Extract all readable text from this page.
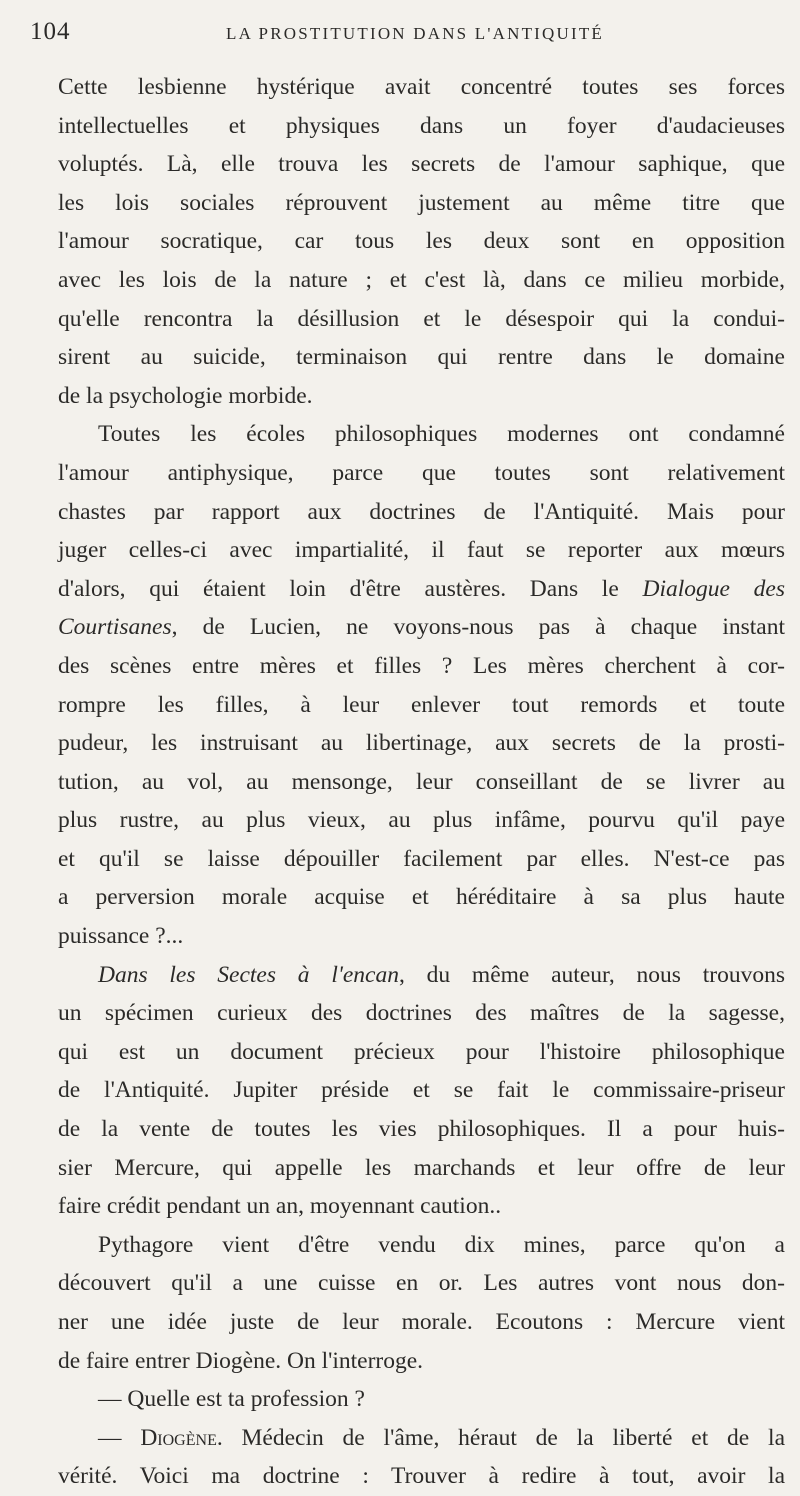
104	LA PROSTITUTION DANS L'ANTIQUITÉ
Cette lesbienne hystérique avait concentré toutes ses forces
intellectuelles et physiques dans un foyer d'audacieuses
voluptés. Là, elle trouva les secrets de l'amour saphique, que
les lois sociales réprouvent justement au même titre que
l'amour socratique, car tous les deux sont en opposition
avec les lois de la nature ; et c'est là, dans ce milieu morbide,
qu'elle rencontra la désillusion et le désespoir qui la condui-
sirent au suicide, terminaison qui rentre dans le domaine
de la psychologie morbide.
Toutes les écoles philosophiques modernes ont condamné
l'amour antiphysique, parce que toutes sont relativement
chastes par rapport aux doctrines de l'Antiquité. Mais pour
juger celles-ci avec impartialité, il faut se reporter aux mœurs
d'alors, qui étaient loin d'être austères. Dans le Dialogue des
Courtisanes, de Lucien, ne voyons-nous pas à chaque instant
des scènes entre mères et filles ? Les mères cherchent à cor-
rompre les filles, à leur enlever tout remords et toute
pudeur, les instruisant au libertinage, aux secrets de la prosti-
tution, au vol, au mensonge, leur conseillant de se livrer au
plus rustre, au plus vieux, au plus infâme, pourvu qu'il paye
et qu'il se laisse dépouiller facilement par elles. N'est-ce pas
a perversion morale acquise et héréditaire à sa plus haute
puissance ?...
Dans les Sectes à l'encan, du même auteur, nous trouvons
un spécimen curieux des doctrines des maîtres de la sagesse,
qui est un document précieux pour l'histoire philosophique
de l'Antiquité. Jupiter préside et se fait le commissaire-priseur
de la vente de toutes les vies philosophiques. Il a pour huis-
sier Mercure, qui appelle les marchands et leur offre de leur
faire crédit pendant un an, moyennant caution..
Pythagore vient d'être vendu dix mines, parce qu'on a
découvert qu'il a une cuisse en or. Les autres vont nous don-
ner une idée juste de leur morale. Ecoutons : Mercure vient
de faire entrer Diogène. On l'interroge.
— Quelle est ta profession ?
— Diogène. Médecin de l'âme, héraut de la liberté et de la
vérité. Voici ma doctrine : Trouver à redire à tout, avoir la
